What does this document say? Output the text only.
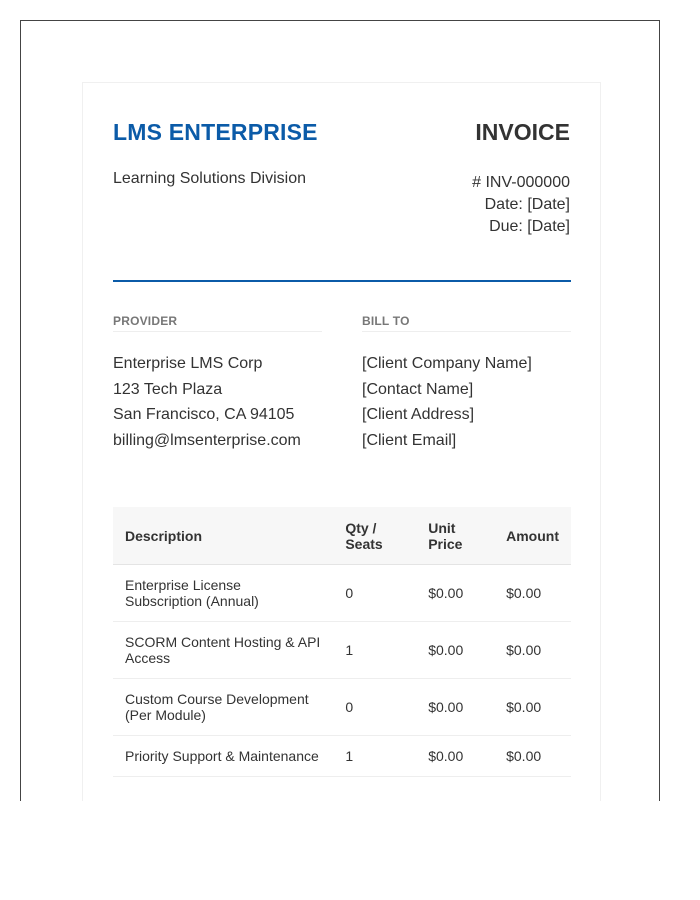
LMS ENTERPRISE
Learning Solutions Division
INVOICE
# INV-000000
Date: [Date]
Due: [Date]
PROVIDER
Enterprise LMS Corp
123 Tech Plaza
San Francisco, CA 94105
billing@lmsenterprise.com
BILL TO
[Client Company Name]
[Contact Name]
[Client Address]
[Client Email]
Description	Qty / Seats	Unit Price	Amount
Enterprise License Subscription (Annual)	0	$0.00	$0.00
SCORM Content Hosting & API Access	1	$0.00	$0.00
Custom Course Development (Per Module)	0	$0.00	$0.00
Priority Support & Maintenance	1	$0.00	$0.00
